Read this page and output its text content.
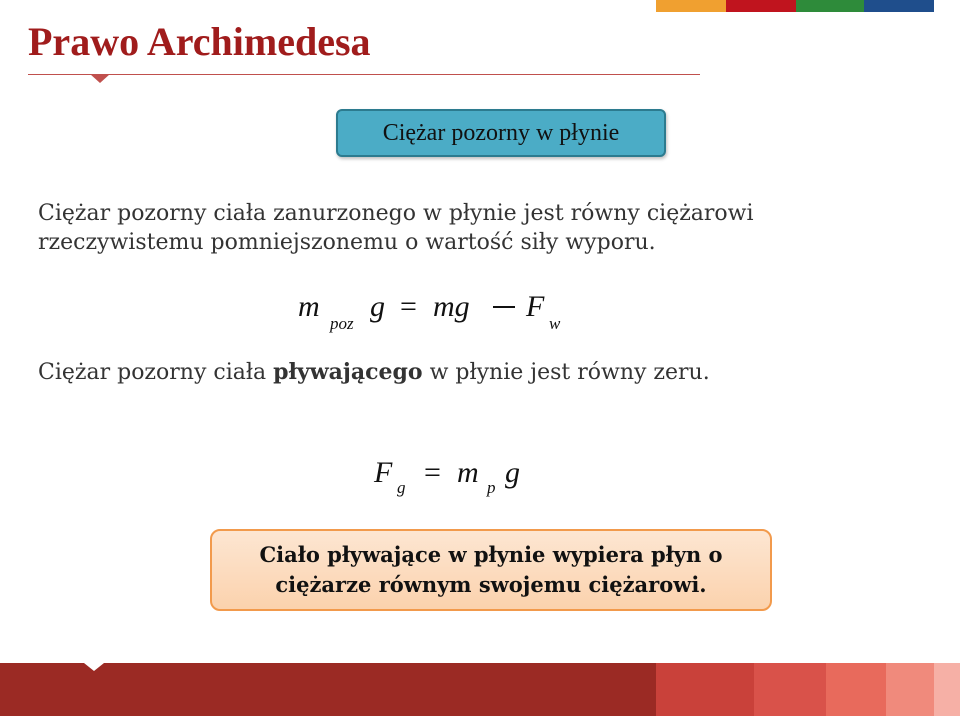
Prawo Archimedesa
Ciężar pozorny w płynie

Ciężar pozorny ciała zanurzonego w płynie jest równy ciężarowi rzeczywistemu pomniejszonemu o wartość siły wyporu.

m
poz
g = mg F
w

Ciężar pozorny ciała pływającego w płynie jest równy zeru.

F g = m p g
Ciało pływające w płynie wypiera płyn o
ciężarze równym swojemu ciężarowi.
